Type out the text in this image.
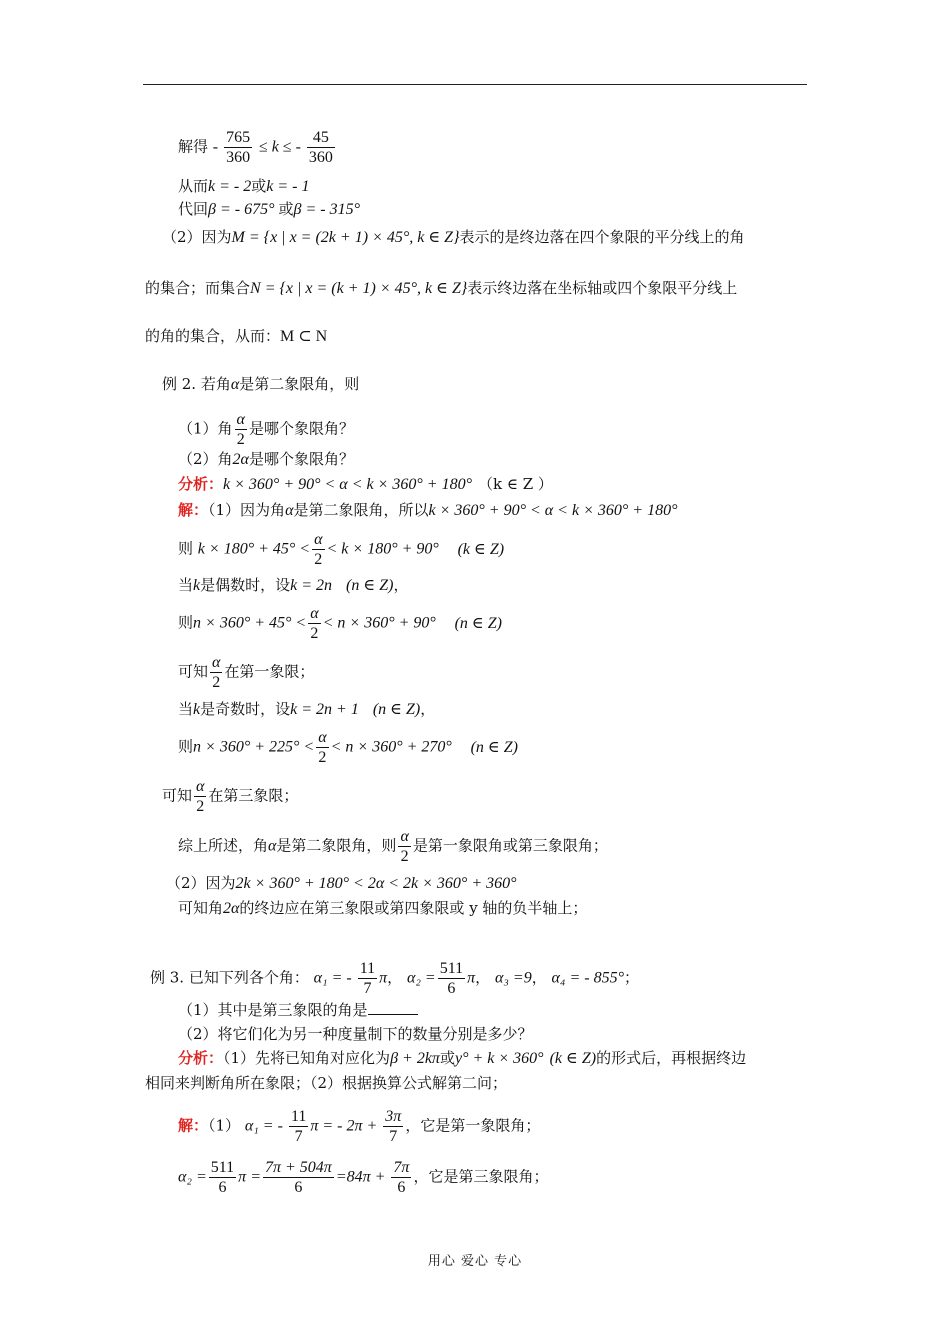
解得 - $\frac{765}{360} \le k$ ≤ - $\frac{45}{360}$
从而k = - 2或k = - 1
代回β = - 675° 或β = - 315°
（2）因为M = {x | x = (2k + 1) × 45°, k ∈ Z}表示的是终边落在四个象限的平分线上的角
的集合；而集合N = {x | x = (k + 1) × 45°, k ∈ Z}表示终边落在坐标轴或四个象限平分线上
的角的集合，从而：M ⊂ N
例 2. 若角α是第二象限角，则
（1）角 $\frac{\alpha}{2}$ 是哪个象限角？
（2）角2α是哪个象限角？
分析：k × 360° + 90° < α < k × 360° + 180° （k ∈ Z ）
解：（1）因为角α是第二象限角，所以k × 360° + 90° < α < k × 360° + 180°
则 $k \times 180^\circ + 45^\circ < \frac{\alpha}{2} < k \times 180^\circ + 90^\circ$ (k ∈ Z)
当k是偶数时，设k = 2n (n ∈ Z)，
则$n \times 360^\circ + 45^\circ < \frac{\alpha}{2} < n \times 360^\circ + 90^\circ$ (n ∈ Z)
可知 $\frac{\alpha}{2}$ 在第一象限；
当k是奇数时，设k = 2n + 1 (n ∈ Z)，
则$n \times 360^\circ + 225^\circ < \frac{\alpha}{2} < n \times 360^\circ + 270^\circ$ (n ∈ Z)
可知 $\frac{\alpha}{2}$ 在第三象限；
综上所述，角α是第二象限角，则 $\frac{\alpha}{2}$ 是第一象限角或第三象限角；
（2）因为2k × 360° + 180° < 2α < 2k × 360° + 360°
可知角2α的终边应在第三象限或第四象限或 y 轴的负半轴上；
例 3. 已知下列各个角： α₁ = - $\frac{11}{7}$ π， $\alpha_2 = \frac{511}{6}$ π， α₃ =9， α₄ = - 855°；
（1）其中是第三象限的角是
（2）将它们化为另一种度量制下的数量分别是多少？
分析：（1）先将已知角对应化为β + 2kπ或y° + k × 360° (k ∈ Z)的形式后，再根据终边
相同来判断角所在象限；（2）根据换算公式解第二问；
解：（1） α₁ = - $\frac{11}{7}$ π = - $2\pi + \frac{3\pi}{7}$ ，它是第一象限角；
$\alpha_2 = \frac{511}{6}$ $\pi = \frac{7\pi + 504\pi}{6} =84\pi + \frac{7\pi}{6}$ ，它是第三象限角；
用心 爱心 专心
